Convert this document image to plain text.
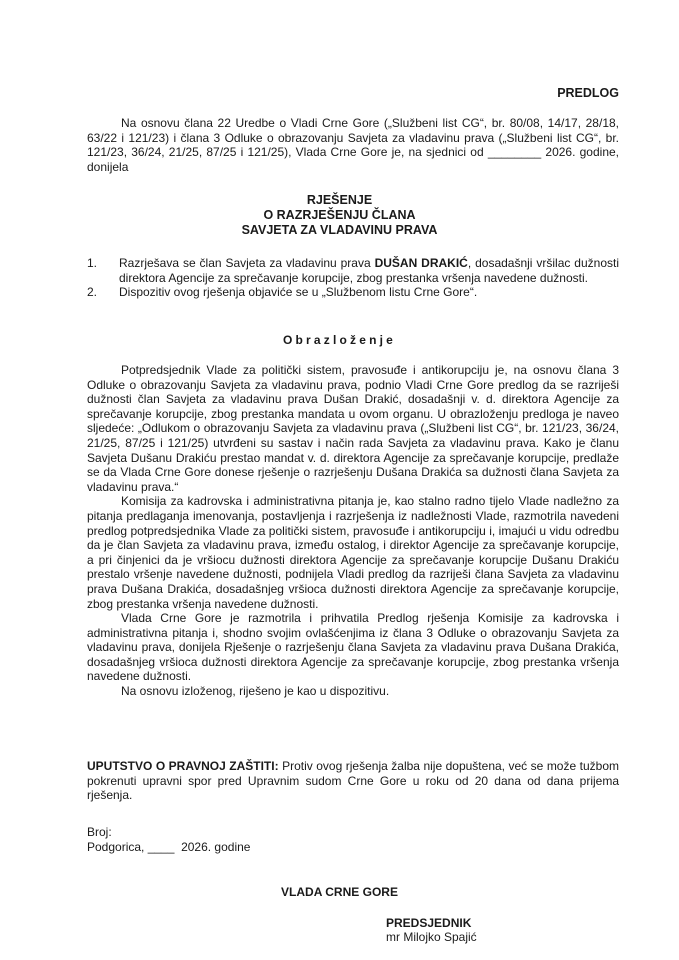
PREDLOG

Na osnovu člana 22 Uredbe o Vladi Crne Gore („Službeni list CG“, br. 80/08, 14/17, 28/18, 63/22 i 121/23) i člana 3 Odluke o obrazovanju Savjeta za vladavinu prava („Službeni list CG“, br. 121/23, 36/24, 21/25, 87/25 i 121/25), Vlada Crne Gore je, na sjednici od ________ 2026. godine, donijela

RJEŠENJE
O RAZRJEŠENJU ČLANA
SAVJETA ZA VLADAVINU PRAVA
1. Razrješava se član Savjeta za vladavinu prava DUŠAN DRAKIĆ, dosadašnji vršilac dužnosti direktora Agencije za sprečavanje korupcije, zbog prestanka vršenja navedene dužnosti.
2. Dispozitiv ovog rješenja objaviće se u „Službenom listu Crne Gore“.
Obrazloženje

Potpredsjednik Vlade za politički sistem, pravosuđe i antikorupciju je, na osnovu člana 3 Odluke o obrazovanju Savjeta za vladavinu prava, podnio Vladi Crne Gore predlog da se razriješi dužnosti član Savjeta za vladavinu prava Dušan Drakić, dosadašnji v. d. direktora Agencije za sprečavanje korupcije, zbog prestanka mandata u ovom organu. U obrazloženju predloga je naveo sljedeće: „Odlukom o obrazovanju Savjeta za vladavinu prava („Službeni list CG“, br. 121/23, 36/24, 21/25, 87/25 i 121/25) utvrđeni su sastav i način rada Savjeta za vladavinu prava. Kako je članu Savjeta Dušanu Drakiću prestao mandat v. d. direktora Agencije za sprečavanje korupcije, predlaže se da Vlada Crne Gore donese rješenje o razrješenju Dušana Drakića sa dužnosti člana Savjeta za vladavinu prava.“

Komisija za kadrovska i administrativna pitanja je, kao stalno radno tijelo Vlade nadležno za pitanja predlaganja imenovanja, postavljenja i razrješenja iz nadležnosti Vlade, razmotrila navedeni predlog potpredsjednika Vlade za politički sistem, pravosuđe i antikorupciju i, imajući u vidu odredbu da je član Savjeta za vladavinu prava, između ostalog, i direktor Agencije za sprečavanje korupcije, a pri činjenici da je vršiocu dužnosti direktora Agencije za sprečavanje korupcije Dušanu Drakiću prestalo vršenje navedene dužnosti, podnijela Vladi predlog da razriješi člana Savjeta za vladavinu prava Dušana Drakića, dosadašnjeg vršioca dužnosti direktora Agencije za sprečavanje korupcije, zbog prestanka vršenja navedene dužnosti.

Vlada Crne Gore je razmotrila i prihvatila Predlog rješenja Komisije za kadrovska i administrativna pitanja i, shodno svojim ovlašćenjima iz člana 3 Odluke o obrazovanju Savjeta za vladavinu prava, donijela Rješenje o razrješenju člana Savjeta za vladavinu prava Dušana Drakića, dosadašnjeg vršioca dužnosti direktora Agencije za sprečavanje korupcije, zbog prestanka vršenja navedene dužnosti.

Na osnovu izloženog, riješeno je kao u dispozitivu.

UPUTSTVO O PRAVNOJ ZAŠTITI: Protiv ovog rješenja žalba nije dopuštena, već se može tužbom pokrenuti upravni spor pred Upravnim sudom Crne Gore u roku od 20 dana od dana prijema rješenja.

Broj:
Podgorica, ____  2026. godine
VLADA CRNE GORE
PREDSJEDNIK
mr Milojko Spajić
